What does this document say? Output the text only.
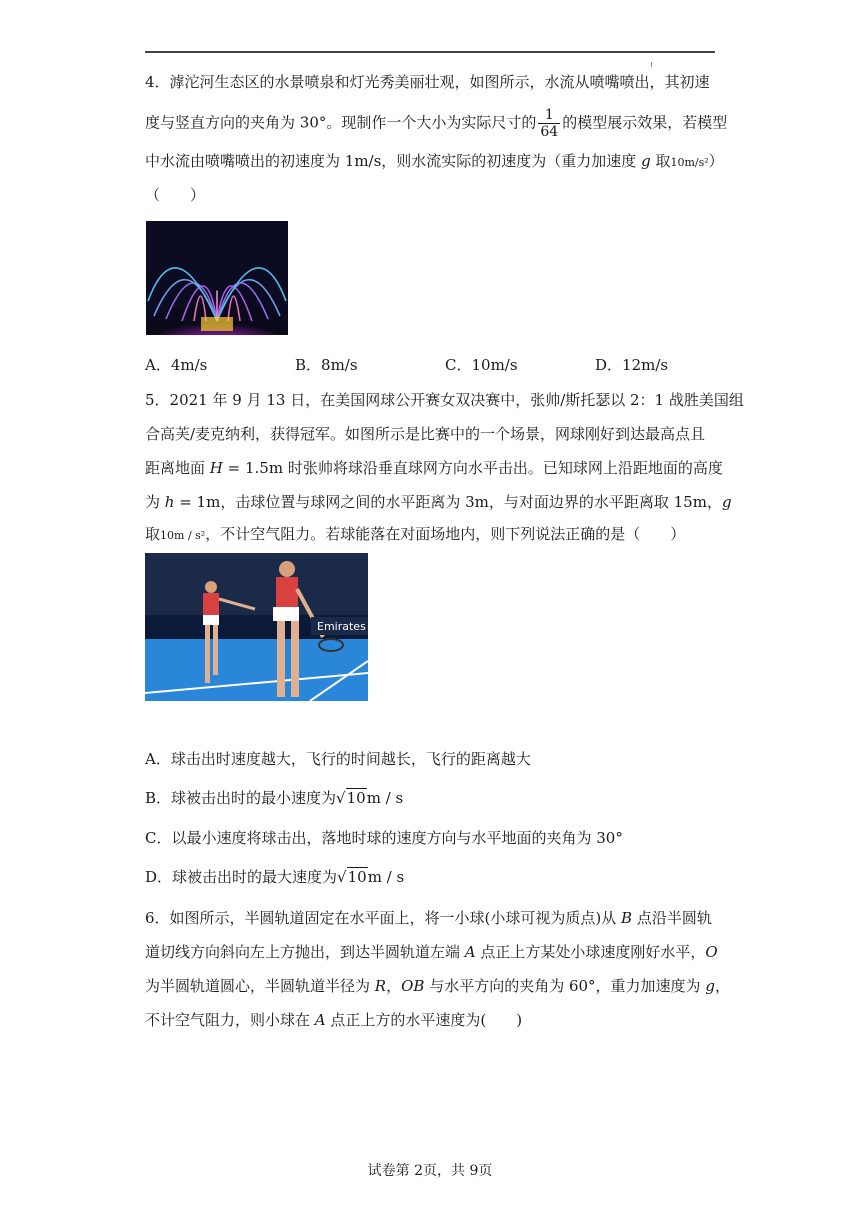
4．滹沱河生态区的水景喷泉和灯光秀美丽壮观，如图所示，水流从喷嘴喷出，其初速
度与竖直方向的夹角为 30°。现制作一个大小为实际尺寸的 $\frac{1}{64}$ 的模型展示效果，若模型
中水流由喷嘴喷出的初速度为 1m/s，则水流实际的初速度为（重力加速度 g 取10m/s²）
（　　）
A．4m/s	B．8m/s	C．10m/s	D．12m/s
5．2021 年 9 月 13 日，在美国网球公开赛女双决赛中，张帅/斯托瑟以 2：1 战胜美国组
合高芙/麦克纳利，获得冠军。如图所示是比赛中的一个场景，网球刚好到达最高点且
距离地面 H = 1.5m 时张帅将球沿垂直球网方向水平击出。已知球网上沿距地面的高度
为 h = 1m，击球位置与球网之间的水平距离为 3m，与对面边界的水平距离取 15m，g
取10m / s²，不计空气阻力。若球能落在对面场地内，则下列说法正确的是（　　）
Emirates
A．球击出时速度越大，飞行的时间越长，飞行的距离越大
B．球被击出时的最小速度为√10m / s
C．以最小速度将球击出，落地时球的速度方向与水平地面的夹角为 30°
D．球被击出时的最大速度为√10m / s
6．如图所示，半圆轨道固定在水平面上，将一小球(小球可视为质点)从 B 点沿半圆轨
道切线方向斜向左上方抛出，到达半圆轨道左端 A 点正上方某处小球速度刚好水平，O
为半圆轨道圆心，半圆轨道半径为 R，OB 与水平方向的夹角为 60°，重力加速度为 g，
不计空气阻力，则小球在 A 点正上方的水平速度为(　　)
试卷第 2页，共 9页
